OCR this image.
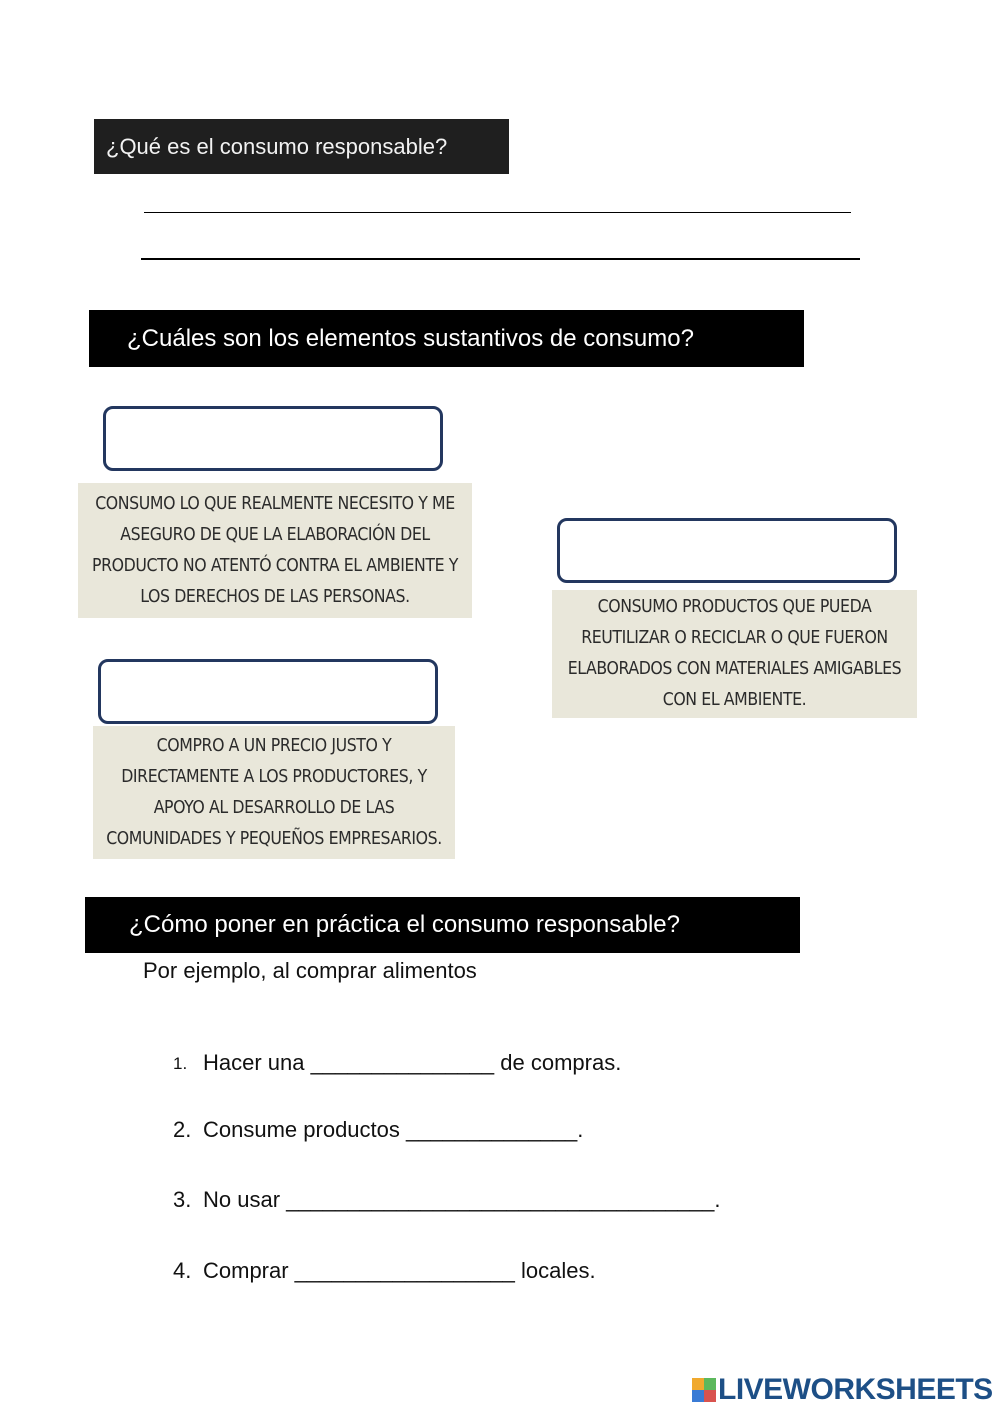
¿Qué es el consumo responsable?
¿Cuáles son los elementos sustantivos de consumo?
CONSUMO LO QUE REALMENTE NECESITO Y ME ASEGURO DE QUE LA ELABORACIÓN DEL PRODUCTO NO ATENTÓ CONTRA EL AMBIENTE Y LOS DERECHOS DE LAS PERSONAS.
CONSUMO PRODUCTOS QUE PUEDA REUTILIZAR O RECICLAR O QUE FUERON ELABORADOS CON MATERIALES AMIGABLES CON EL AMBIENTE.
COMPRO A UN PRECIO JUSTO Y DIRECTAMENTE A LOS PRODUCTORES, Y APOYO AL DESARROLLO DE LAS COMUNIDADES Y PEQUEÑOS EMPRESARIOS.
¿Cómo poner en práctica el consumo responsable?
Por ejemplo, al comprar alimentos
1. Hacer una _______________ de compras.
2. Consume productos ______________.
3. No usar ___________________________________.
4. Comprar __________________ locales.
LIVEWORKSHEETS
